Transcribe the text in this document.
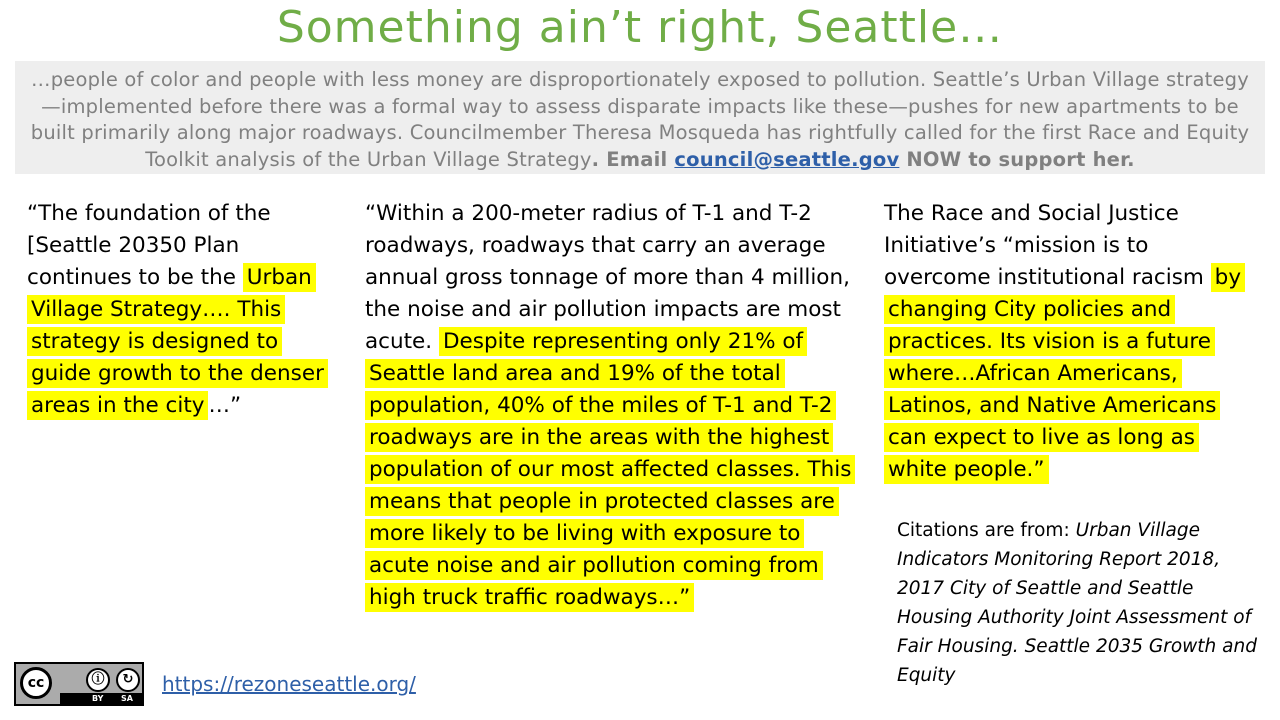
Something ain’t right, Seattle…
…people of color and people with less money are disproportionately exposed to pollution. Seattle’s Urban Village strategy—implemented before there was a formal way to assess disparate impacts like these—pushes for new apartments to be built primarily along major roadways. Councilmember Theresa Mosqueda has rightfully called for the first Race and Equity Toolkit analysis of the Urban Village Strategy. Email council@seattle.gov NOW to support her.
“The foundation of the [Seattle 20350 Plan continues to be the Urban Village Strategy…. This strategy is designed to guide growth to the denser areas in the city …”
“Within a 200-meter radius of T-1 and T-2 roadways, roadways that carry an average annual gross tonnage of more than 4 million, the noise and air pollution impacts are most acute. Despite representing only 21% of Seattle land area and 19% of the total population, 40% of the miles of T-1 and T-2 roadways are in the areas with the highest population of our most affected classes. This means that people in protected classes are more likely to be living with exposure to acute noise and air pollution coming from high truck traffic roadways…”
The Race and Social Justice Initiative’s “mission is to overcome institutional racism by changing City policies and practices. Its vision is a future where…African Americans, Latinos, and Native Americans can expect to live as long as white people.”
Citations are from: Urban Village Indicators Monitoring Report 2018, 2017 City of Seattle and Seattle Housing Authority Joint Assessment of Fair Housing. Seattle 2035 Growth and Equity
cc	ⓘ	↻
BY SA
https://rezoneseattle.org/
